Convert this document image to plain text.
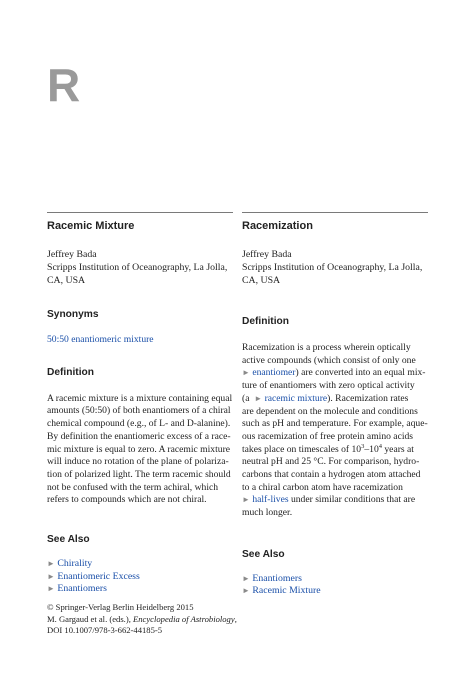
R
Racemic Mixture

Jeffrey Bada

Scripps Institution of Oceanography, La Jolla,

CA, USA

Synonyms

50:50 enantiomeric mixture

Definition

A racemic mixture is a mixture containing equal

amounts (50:50) of both enantiomers of a chiral

chemical compound (e.g., of L- and D-alanine).

By definition the enantiomeric excess of a race-

mic mixture is equal to zero. A racemic mixture

will induce no rotation of the plane of polariza-

tion of polarized light. The term racemic should

not be confused with the term achiral, which

refers to compounds which are not chiral.

See Also
► Chirality
► Enantiomeric Excess
► Enantiomers
Racemization

Jeffrey Bada

Scripps Institution of Oceanography, La Jolla,

CA, USA

Definition

Racemization is a process wherein optically

active compounds (which consist of only one

► enantiomer) are converted into an equal mix-

ture of enantiomers with zero optical activity

(a ► racemic mixture). Racemization rates

are dependent on the molecule and conditions

such as pH and temperature. For example, aque-

ous racemization of free protein amino acids

takes place on timescales of $10^3-10^4$ years at

neutral pH and 25 °C. For comparison, hydro-

carbons that contain a hydrogen atom attached

to a chiral carbon atom have racemization

► half-lives under similar conditions that are

much longer.

See Also
► Enantiomers
► Racemic Mixture

© Springer-Verlag Berlin Heidelberg 2015

M. Gargaud et al. (eds.), Encyclopedia of Astrobiology,

DOI 10.1007/978-3-662-44185-5
